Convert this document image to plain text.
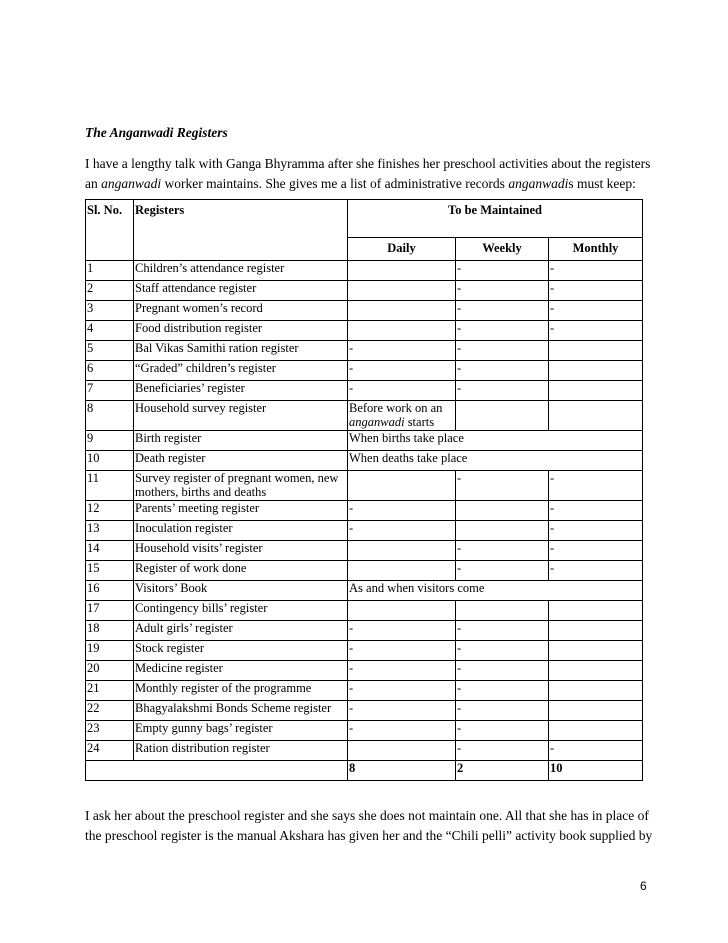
The Anganwadi Registers
I have a lengthy talk with Ganga Bhyramma after she finishes her preschool activities about the registers
an anganwadi worker maintains. She gives me a list of administrative records anganwadis must keep:
Sl. No.	Registers	To be Maintained		
		Daily	Weekly	Monthly
1	Children’s attendance register		-	-
2	Staff attendance register		-	-
3	Pregnant women’s record		-	-
4	Food distribution register		-	-
5	Bal Vikas Samithi ration register	-	-	
6	“Graded” children’s register	-	-	
7	Beneficiaries’ register	-	-	
8	Household survey register	Before work on an
anganwadi starts		
9	Birth register	When births take place		
10	Death register	When deaths take place		
11	Survey register of pregnant women, new mothers, births and deaths		-	-
12	Parents’ meeting register	-		-
13	Inoculation register	-		-
14	Household visits’ register		-	-
15	Register of work done		-	-
16	Visitors’ Book	As and when visitors come		
17	Contingency bills’ register			
18	Adult girls’ register	-	-	
19	Stock register	-	-	
20	Medicine register	-	-	
21	Monthly register of the programme	-	-	
22	Bhagyalakshmi Bonds Scheme register	-	-	
23	Empty gunny bags’ register	-	-	
24	Ration distribution register		-	-
		8	2	10
I ask her about the preschool register and she says she does not maintain one. All that she has in place of
the preschool register is the manual Akshara has given her and the “Chili pelli” activity book supplied by
6
